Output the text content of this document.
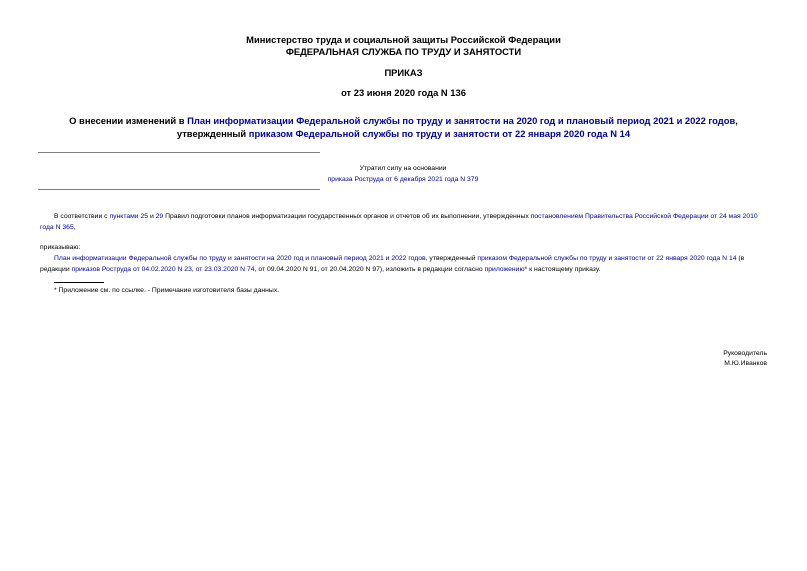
Министерство труда и социальной защиты Российской Федерации
ФЕДЕРАЛЬНАЯ СЛУЖБА ПО ТРУДУ И ЗАНЯТОСТИ
ПРИКАЗ
от 23 июня 2020 года N 136
О внесении изменений в План информатизации Федеральной службы по труду и занятости на 2020 год и плановый период 2021 и 2022 годов, утвержденный приказом Федеральной службы по труду и занятости от 22 января 2020 года N 14
Утратил силу на основании
приказа Роструда от 6 декабря 2021 года N 379
В соответствии с пунктами 25 и 29 Правил подготовки планов информатизации государственных органов и отчетов об их выполнении, утвержденных постановлением Правительства Российской Федерации от 24 мая 2010 года N 365,
приказываю:
План информатизации Федеральной службы по труду и занятости на 2020 год и плановый период 2021 и 2022 годов, утвержденный приказом Федеральной службы по труду и занятости от 22 января 2020 года N 14 (в редакции приказов Роструда от 04.02.2020 N 23, от 23.03.2020 N 74, от 09.04.2020 N 91, от 20.04.2020 N 97), изложить в редакции согласно приложению* к настоящему приказу.
* Приложение см. по ссылке. - Примечание изготовителя базы данных.
Руководитель
М.Ю.Иванков
